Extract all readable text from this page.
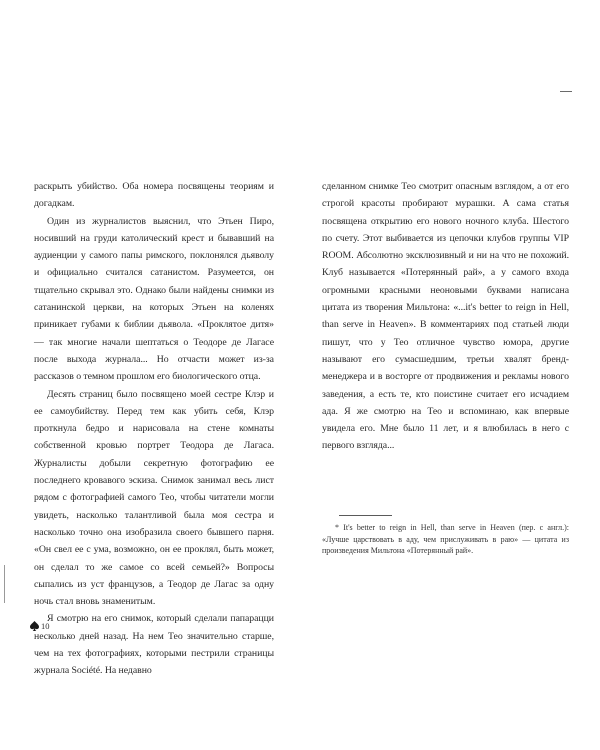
раскрыть убийство. Оба номера посвящены теориям и догадкам.

Один из журналистов выяснил, что Этьен Пиро, носивший на груди католический крест и бывавший на аудиенции у самого папы римского, поклонялся дьяволу и официально считался сатанистом. Разумеется, он тщательно скрывал это. Однако были найдены снимки из сатанинской церкви, на которых Этьен на коленях приникает губами к библии дьявола. «Проклятое дитя» — так многие начали шептаться о Теодоре де Лагасе после выхода журнала... Но отчасти может из-за рассказов о темном прошлом его биологического отца.

Десять страниц было посвящено моей сестре Клэр и ее самоубийству. Перед тем как убить себя, Клэр проткнула бедро и нарисовала на стене комнаты собственной кровью портрет Теодора де Лагаса. Журналисты добыли секретную фотографию ее последнего кровавого эскиза. Снимок занимал весь лист рядом с фотографией самого Тео, чтобы читатели могли увидеть, насколько талантливой была моя сестра и насколько точно она изобразила своего бывшего парня. «Он свел ее с ума, возможно, он ее проклял, быть может, он сделал то же самое со всей семьей?» Вопросы сыпались из уст французов, а Теодор де Лагас за одну ночь стал вновь знаменитым.

Я смотрю на его снимок, который сделали папарацци несколько дней назад. На нем Тео значительно старше, чем на тех фотографиях, которыми пестрили страницы журнала Société. На недавно

сделанном снимке Тео смотрит опасным взглядом, а от его строгой красоты пробирают мурашки. А сама статья посвящена открытию его нового ночного клуба. Шестого по счету. Этот выбивается из цепочки клубов группы VIP ROOM. Абсолютно эксклюзивный и ни на что не похожий. Клуб называется «Потерянный рай», а у самого входа огромными красными неоновыми буквами написана цитата из творения Мильтона: «...it's better to reign in Hell, than serve in Heaven». В комментариях под статьей люди пишут, что у Тео отличное чувство юмора, другие называют его сумасшедшим, третьи хвалят бренд-менеджера и в восторге от продвижения и рекламы нового заведения, а есть те, кто поистине считает его исчадием ада. Я же смотрю на Тео и вспоминаю, как впервые увидела его. Мне было 11 лет, и я влюбилась в него с первого взгляда...

* It's better to reign in Hell, than serve in Heaven (пер. с англ.): «Лучше царствовать в аду, чем прислуживать в раю» — цитата из произведения Мильтона «Потерянный рай».

10
